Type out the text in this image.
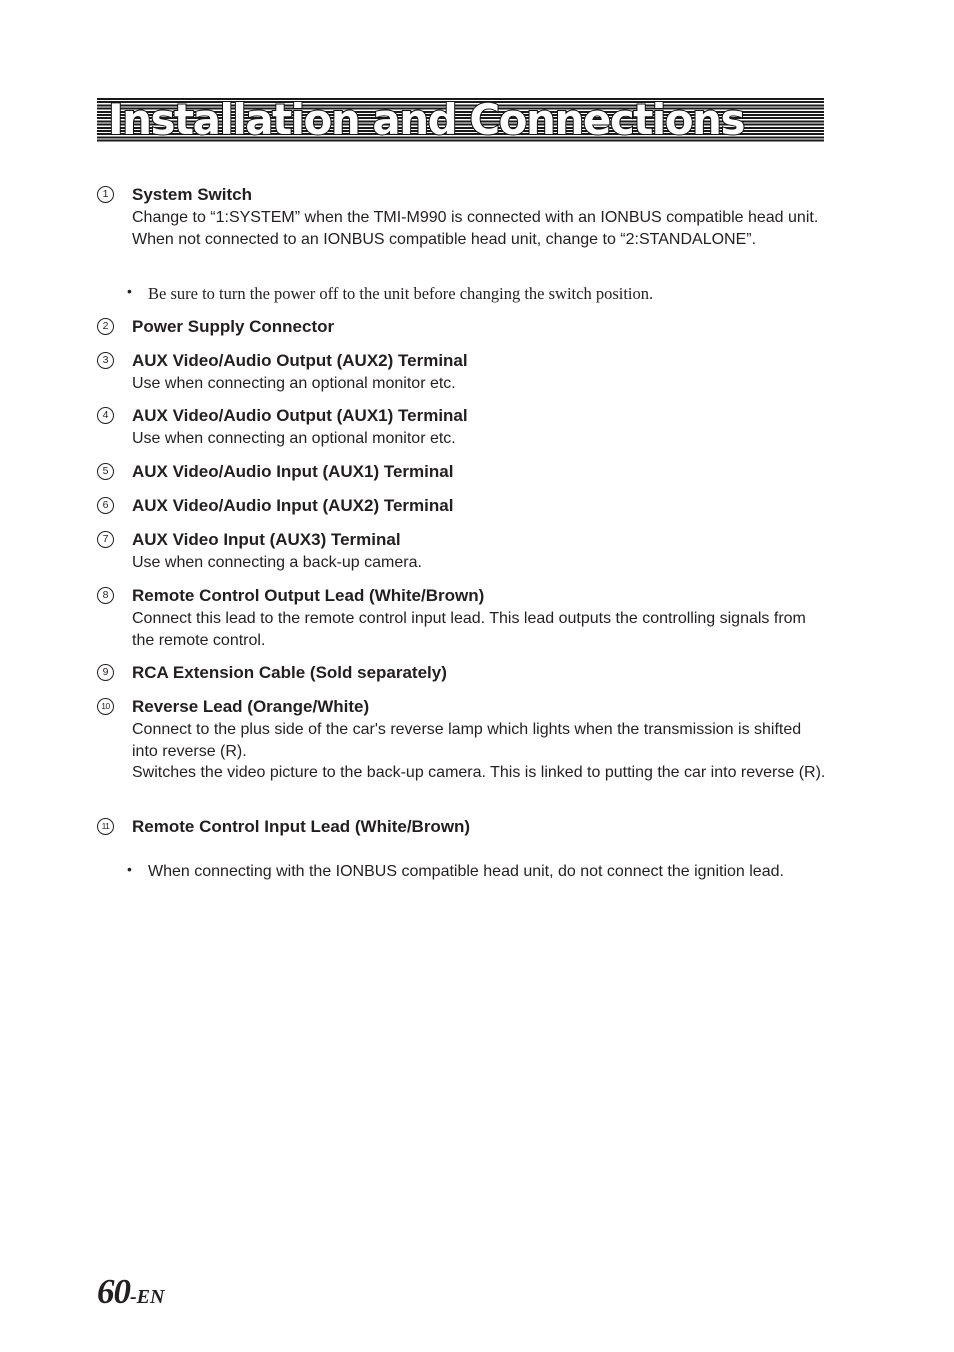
Installation and Connections
1	System Switch
Change to “1:SYSTEM” when the TMI-M990 is connected with an IONBUS compatible head unit.
When not connected to an IONBUS compatible head unit, change to “2:STANDALONE”.
• Be sure to turn the power off to the unit before changing the switch position.
2	Power Supply Connector
3	AUX Video/Audio Output (AUX2) Terminal
Use when connecting an optional monitor etc.
4	AUX Video/Audio Output (AUX1) Terminal
Use when connecting an optional monitor etc.
5	AUX Video/Audio Input (AUX1) Terminal
6	AUX Video/Audio Input (AUX2) Terminal
7	AUX Video Input (AUX3) Terminal
Use when connecting a back-up camera.
8	Remote Control Output Lead (White/Brown)
Connect this lead to the remote control input lead. This lead outputs the controlling signals from the remote control.
9	RCA Extension Cable (Sold separately)
10 Reverse Lead (Orange/White)
Connect to the plus side of the car's reverse lamp which lights when the transmission is shifted into reverse (R).
Switches the video picture to the back-up camera. This is linked to putting the car into reverse (R).
11 Remote Control Input Lead (White/Brown)
• When connecting with the IONBUS compatible head unit, do not connect the ignition lead.
60-EN
